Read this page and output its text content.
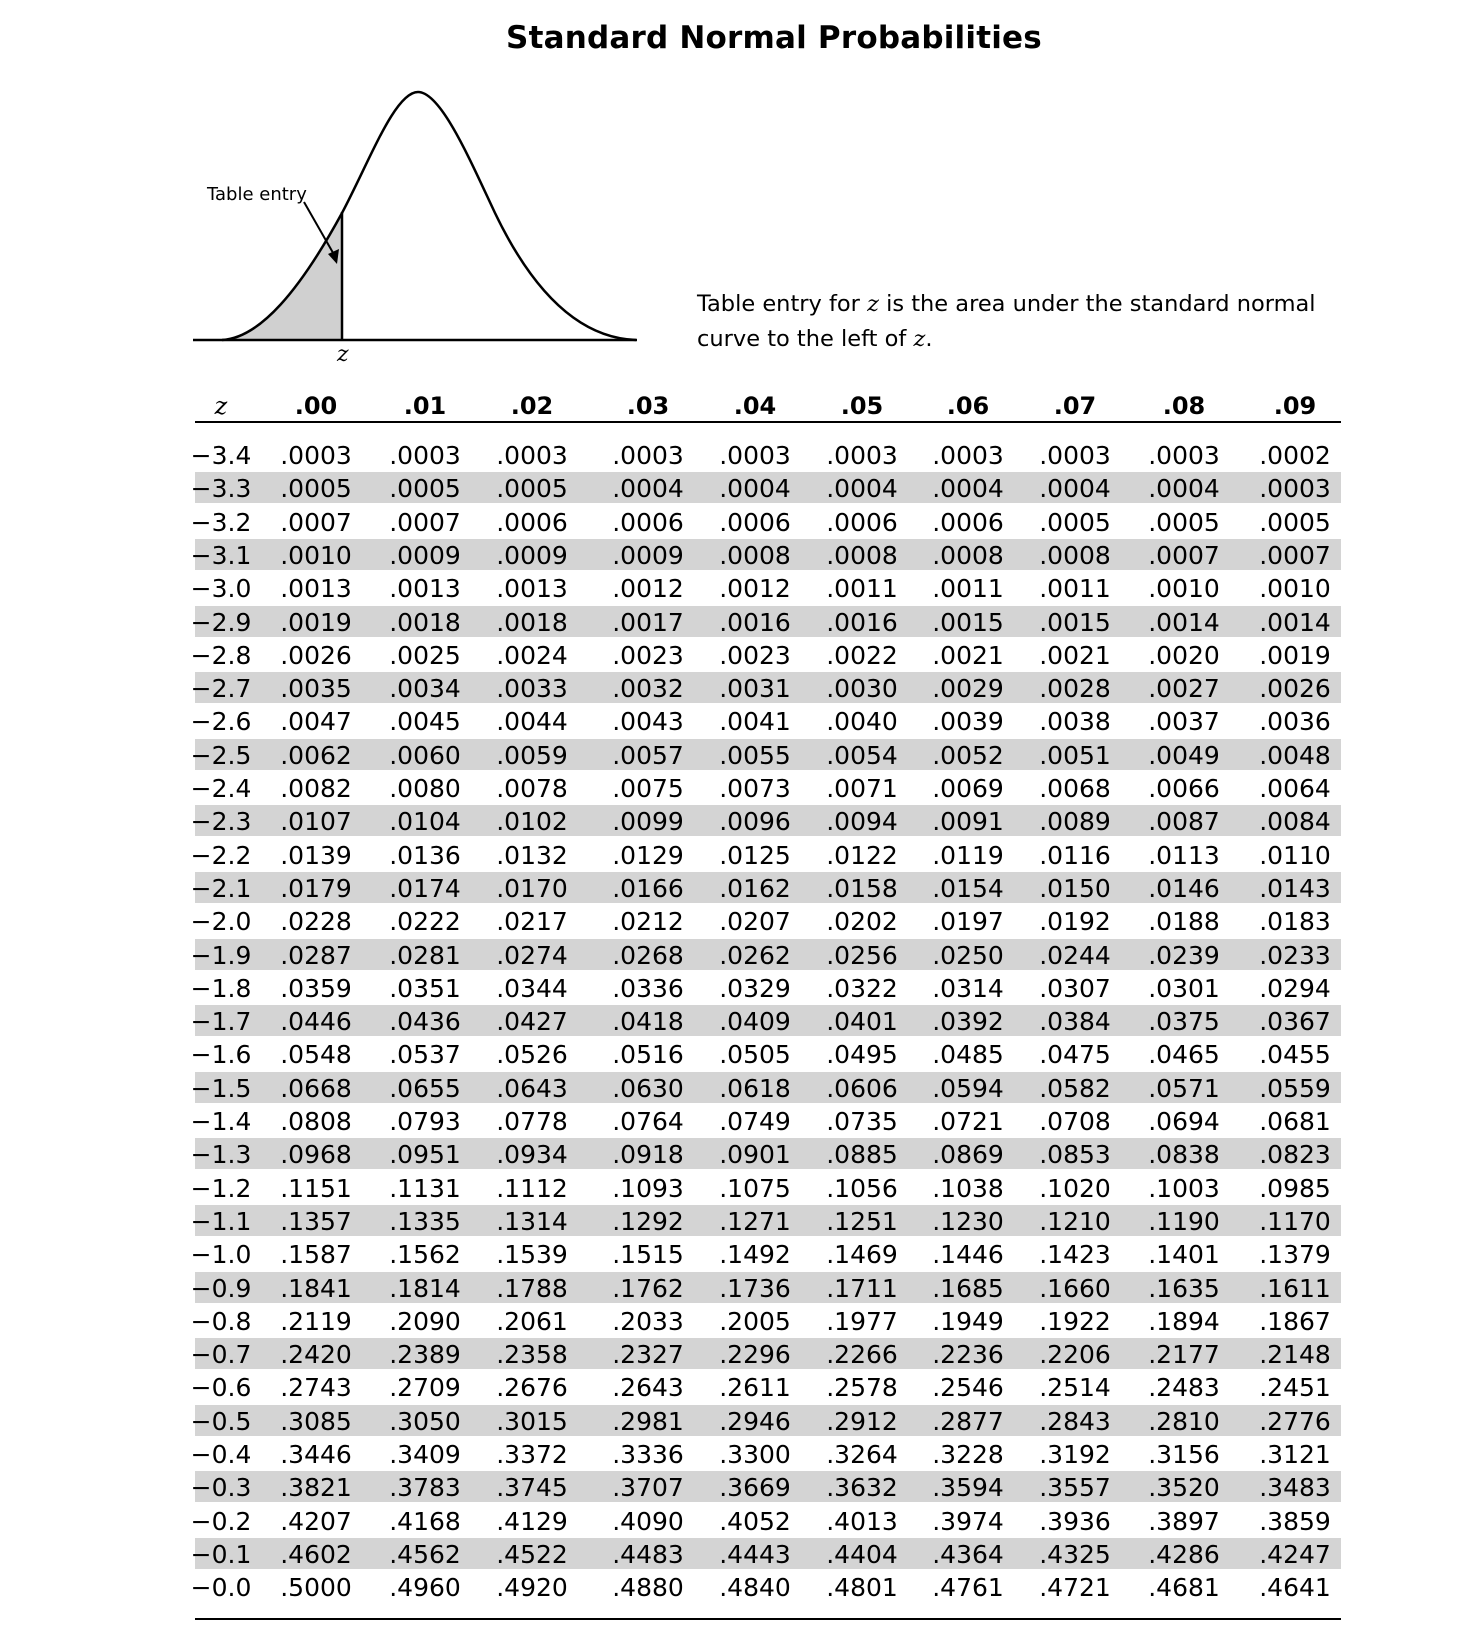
Standard Normal Probabilities
Table entry
z
Table entry for z is the area under the standard normal curve to the left of z.
z	.00	.01	.02	.03	.04	.05	.06	.07	.08	.09
−3.4 .0003 .0003 .0003 .0003 .0003 .0003 .0003 .0003 .0003 .0002
−3.3 .0005 .0005 .0005 .0004 .0004 .0004 .0004 .0004 .0004 .0003
−3.2 .0007 .0007 .0006 .0006 .0006 .0006 .0006 .0005 .0005 .0005
−3.1 .0010 .0009 .0009 .0009 .0008 .0008 .0008 .0008 .0007 .0007
−3.0 .0013 .0013 .0013 .0012 .0012 .0011 .0011 .0011 .0010 .0010
−2.9 .0019 .0018 .0018 .0017 .0016 .0016 .0015 .0015 .0014 .0014
−2.8 .0026 .0025 .0024 .0023 .0023 .0022 .0021 .0021 .0020 .0019
−2.7 .0035 .0034 .0033 .0032 .0031 .0030 .0029 .0028 .0027 .0026
−2.6 .0047 .0045 .0044 .0043 .0041 .0040 .0039 .0038 .0037 .0036
−2.5 .0062 .0060 .0059 .0057 .0055 .0054 .0052 .0051 .0049 .0048
−2.4 .0082 .0080 .0078 .0075 .0073 .0071 .0069 .0068 .0066 .0064
−2.3 .0107 .0104 .0102 .0099 .0096 .0094 .0091 .0089 .0087 .0084
−2.2 .0139 .0136 .0132 .0129 .0125 .0122 .0119 .0116 .0113 .0110
−2.1 .0179 .0174 .0170 .0166 .0162 .0158 .0154 .0150 .0146 .0143
−2.0 .0228 .0222 .0217 .0212 .0207 .0202 .0197 .0192 .0188 .0183
−1.9 .0287 .0281 .0274 .0268 .0262 .0256 .0250 .0244 .0239 .0233
−1.8 .0359 .0351 .0344 .0336 .0329 .0322 .0314 .0307 .0301 .0294
−1.7 .0446 .0436 .0427 .0418 .0409 .0401 .0392 .0384 .0375 .0367
−1.6 .0548 .0537 .0526 .0516 .0505 .0495 .0485 .0475 .0465 .0455
−1.5 .0668 .0655 .0643 .0630 .0618 .0606 .0594 .0582 .0571 .0559
−1.4 .0808 .0793 .0778 .0764 .0749 .0735 .0721 .0708 .0694 .0681
−1.3 .0968 .0951 .0934 .0918 .0901 .0885 .0869 .0853 .0838 .0823
−1.2 .1151 .1131 .1112 .1093 .1075 .1056 .1038 .1020 .1003 .0985
−1.1 .1357 .1335 .1314 .1292 .1271 .1251 .1230 .1210 .1190 .1170
−1.0 .1587 .1562 .1539 .1515 .1492 .1469 .1446 .1423 .1401 .1379
−0.9 .1841 .1814 .1788 .1762 .1736 .1711 .1685 .1660 .1635 .1611
−0.8 .2119 .2090 .2061 .2033 .2005 .1977 .1949 .1922 .1894 .1867
−0.7 .2420 .2389 .2358 .2327 .2296 .2266 .2236 .2206 .2177 .2148
−0.6 .2743 .2709 .2676 .2643 .2611 .2578 .2546 .2514 .2483 .2451
−0.5 .3085 .3050 .3015 .2981 .2946 .2912 .2877 .2843 .2810 .2776
−0.4 .3446 .3409 .3372 .3336 .3300 .3264 .3228 .3192 .3156 .3121
−0.3 .3821 .3783 .3745 .3707 .3669 .3632 .3594 .3557 .3520 .3483
−0.2 .4207 .4168 .4129 .4090 .4052 .4013 .3974 .3936 .3897 .3859
−0.1 .4602 .4562 .4522 .4483 .4443 .4404 .4364 .4325 .4286 .4247
−0.0 .5000 .4960 .4920 .4880 .4840 .4801 .4761 .4721 .4681 .4641
